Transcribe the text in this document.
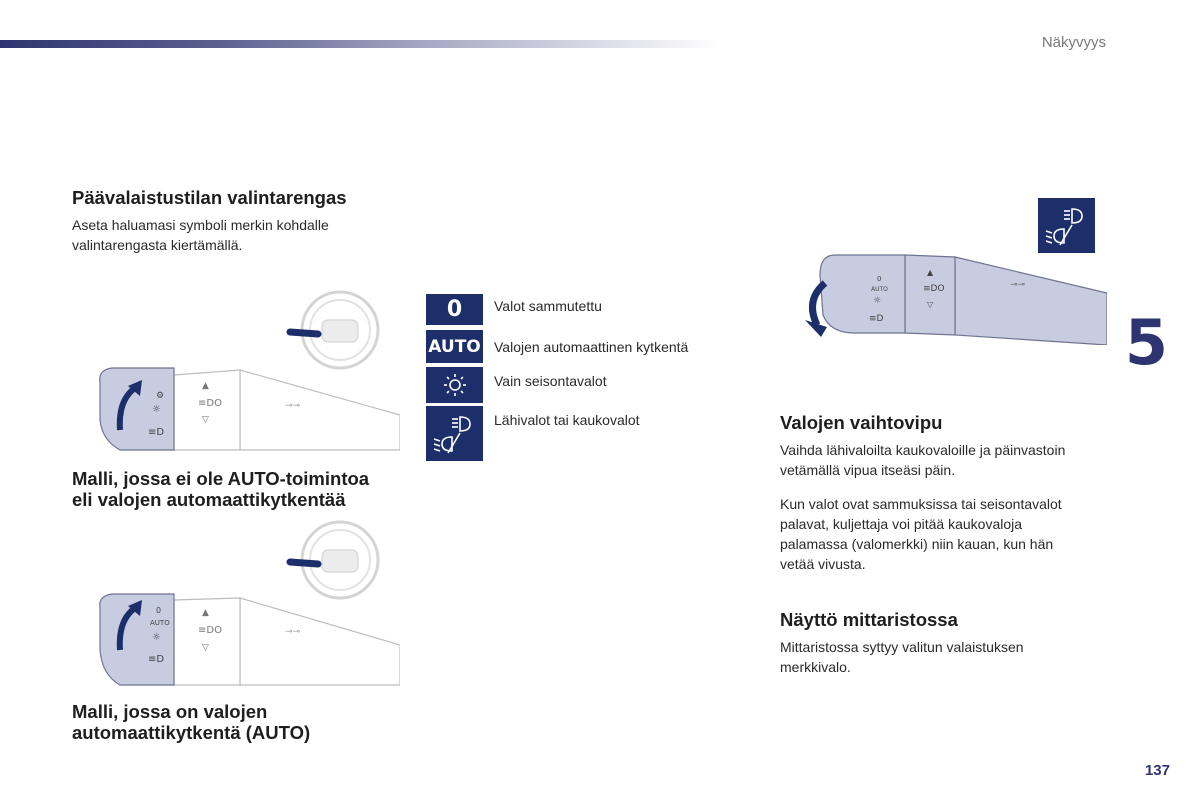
Näkyvyys
Päävalaistustilan valintarengas
Aseta haluamasi symboli merkin kohdalle
valintarengasta kiertämällä.
⚙
☼
≡D
▲
≡DO
▽
⊸⊸
Malli, jossa ei ole AUTO-toimintoa
eli valojen automaattikytkentää
0
AUTO
☼
≡D
▲
≡DO
▽
⊸⊸
Malli, jossa on valojen
automaattikytkentä (AUTO)
0 Valot sammutettu
AUTO Valojen automaattinen kytkentä
Vain seisontavalot
Lähivalot tai kaukovalot
0
AUTO
☼
≡D
▲
≡DO
▽
⊸⊸
Valojen vaihtovipu
Vaihda lähivaloilta kaukovaloille ja päinvastoin
vetämällä vipua itseäsi päin.
Kun valot ovat sammuksissa tai seisontavalot
palavat, kuljettaja voi pitää kaukovaloja
palamassa (valomerkki) niin kauan, kun hän
vetää vivusta.
Näyttö mittaristossa
Mittaristossa syttyy valitun valaistuksen
merkkivalo.
5
137
